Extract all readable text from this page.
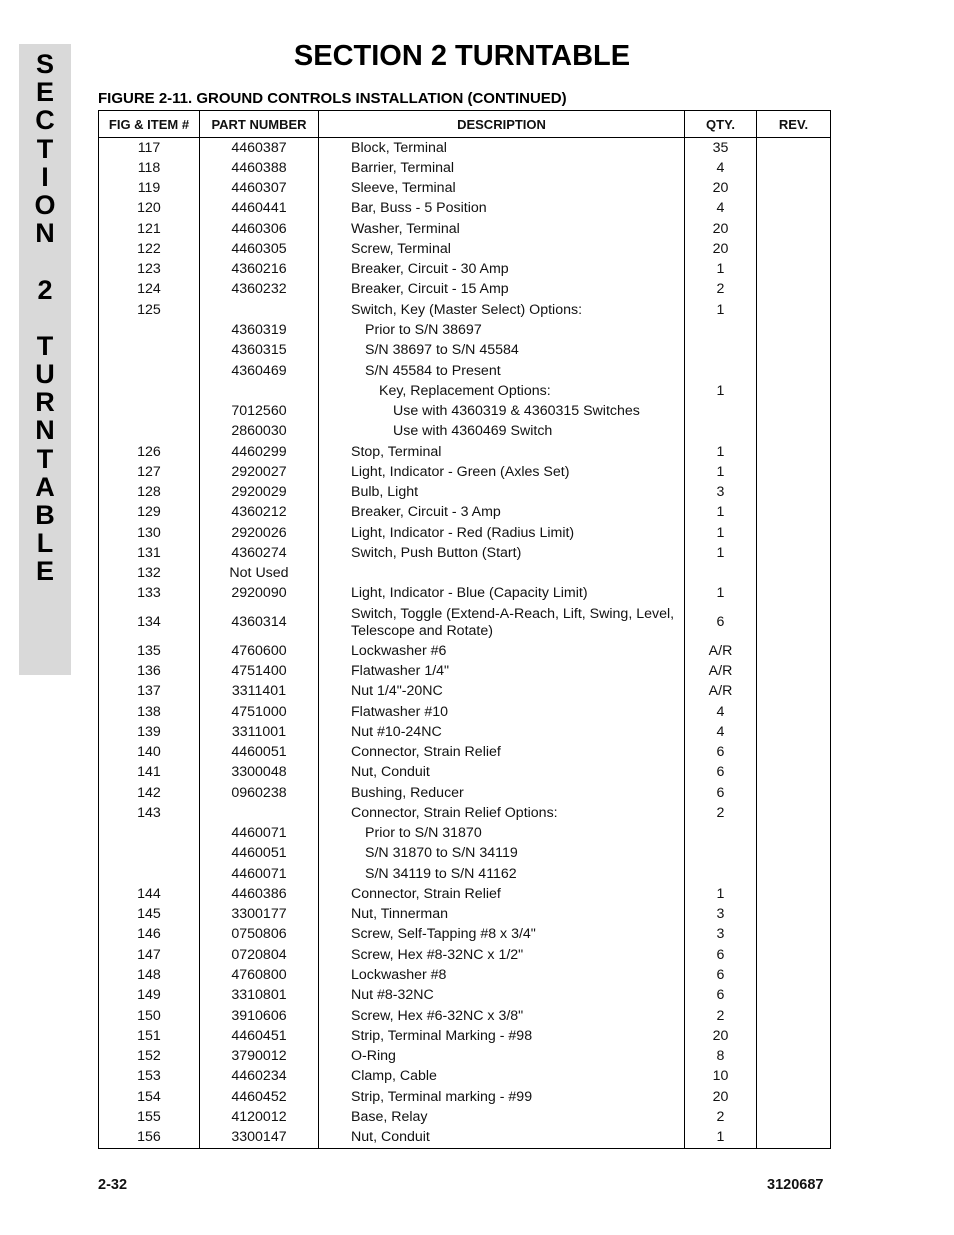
S
E
C
T
I
O
N
2
T
U
R
N
T
A
B
L
E
SECTION 2 TURNTABLE
FIGURE 2-11. GROUND CONTROLS INSTALLATION (CONTINUED)
FIG & ITEM #	PART NUMBER	DESCRIPTION	QTY.	REV.
117	4460387	Block, Terminal	35	
118	4460388	Barrier, Terminal	4	
119	4460307	Sleeve, Terminal	20	
120	4460441	Bar, Buss - 5 Position	4	
121	4460306	Washer, Terminal	20	
122	4460305	Screw, Terminal	20	
123	4360216	Breaker, Circuit - 30 Amp	1	
124	4360232	Breaker, Circuit - 15 Amp	2	
125		Switch, Key (Master Select) Options:	1	
	4360319	Prior to S/N 38697		
	4360315	S/N 38697 to S/N 45584		
	4360469	S/N 45584 to Present		
		Key, Replacement Options:	1	
	7012560	Use with 4360319 & 4360315 Switches		
	2860030	Use with 4360469 Switch		
126	4460299	Stop, Terminal	1	
127	2920027	Light, Indicator - Green (Axles Set)	1	
128	2920029	Bulb, Light	3	
129	4360212	Breaker, Circuit - 3 Amp	1	
130	2920026	Light, Indicator - Red (Radius Limit)	1	
131	4360274	Switch, Push Button (Start)	1	
132	Not Used			
133	2920090	Light, Indicator - Blue (Capacity Limit)	1	
134	4360314	Switch, Toggle (Extend-A-Reach, Lift, Swing, Level, Telescope and Rotate)	6	
135	4760600	Lockwasher #6	A/R	
136	4751400	Flatwasher 1/4"	A/R	
137	3311401	Nut 1/4"-20NC	A/R	
138	4751000	Flatwasher #10	4	
139	3311001	Nut #10-24NC	4	
140	4460051	Connector, Strain Relief	6	
141	3300048	Nut, Conduit	6	
142	0960238	Bushing, Reducer	6	
143		Connector, Strain Relief Options:	2	
	4460071	Prior to S/N 31870		
	4460051	S/N 31870 to S/N 34119		
	4460071	S/N 34119 to S/N 41162		
144	4460386	Connector, Strain Relief	1	
145	3300177	Nut, Tinnerman	3	
146	0750806	Screw, Self-Tapping #8 x 3/4"	3	
147	0720804	Screw, Hex #8-32NC x 1/2"	6	
148	4760800	Lockwasher #8	6	
149	3310801	Nut #8-32NC	6	
150	3910606	Screw, Hex #6-32NC x 3/8"	2	
151	4460451	Strip, Terminal Marking - #98	20	
152	3790012	O-Ring	8	
153	4460234	Clamp, Cable	10	
154	4460452	Strip, Terminal marking - #99	20	
155	4120012	Base, Relay	2	
156	3300147	Nut, Conduit	1	
2-32	3120687
